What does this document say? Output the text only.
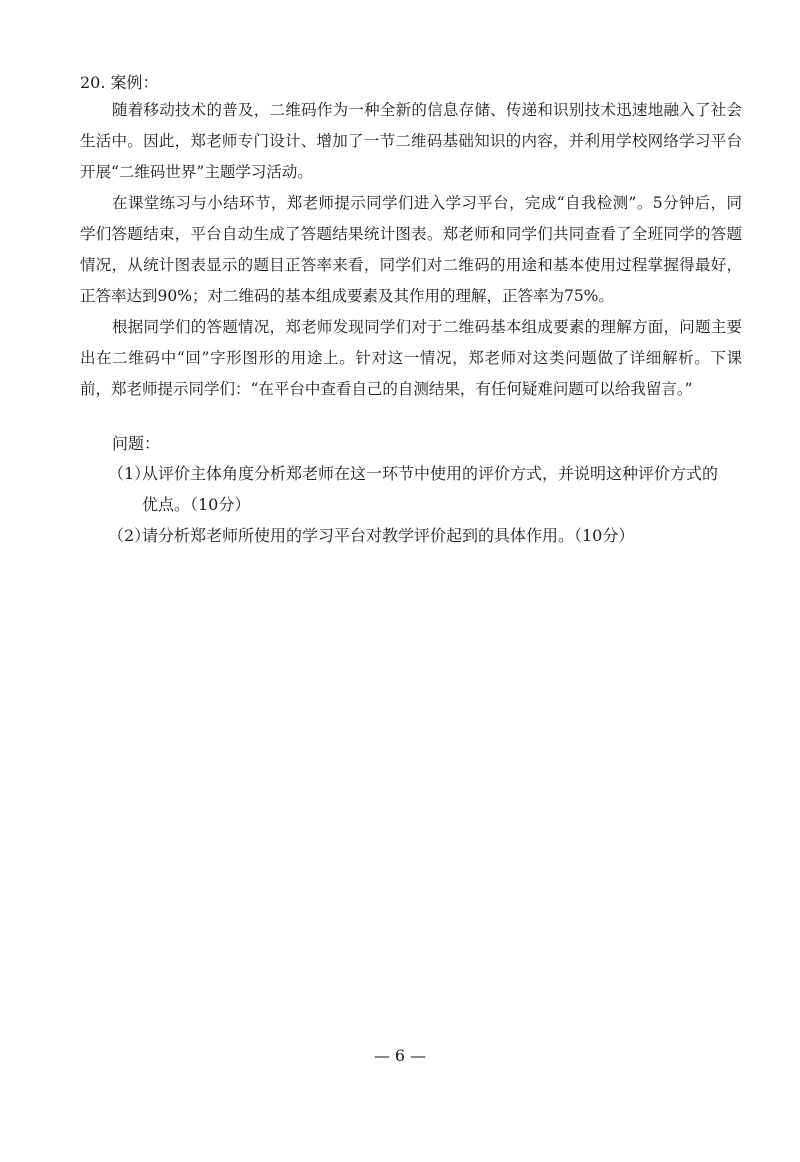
20. 案例：
随着移动技术的普及，二维码作为一种全新的信息存储、传递和识别技术迅速地融入了社会生活中。因此，郑老师专门设计、增加了一节二维码基础知识的内容，并利用学校网络学习平台开展“二维码世界”主题学习活动。
在课堂练习与小结环节，郑老师提示同学们进入学习平台，完成“自我检测”。5分钟后，同学们答题结束，平台自动生成了答题结果统计图表。郑老师和同学们共同查看了全班同学的答题情况，从统计图表显示的题目正答率来看，同学们对二维码的用途和基本使用过程掌握得最好，正答率达到90%；对二维码的基本组成要素及其作用的理解，正答率为75%。
根据同学们的答题情况，郑老师发现同学们对于二维码基本组成要素的理解方面，问题主要出在二维码中“回”字形图形的用途上。针对这一情况，郑老师对这类问题做了详细解析。下课前，郑老师提示同学们：“在平台中查看自己的自测结果，有任何疑难问题可以给我留言。”
问题：
（1）从评价主体角度分析郑老师在这一环节中使用的评价方式，并说明这种评价方式的
优点。（10分）
（2）请分析郑老师所使用的学习平台对教学评价起到的具体作用。（10分）
— 6 —
